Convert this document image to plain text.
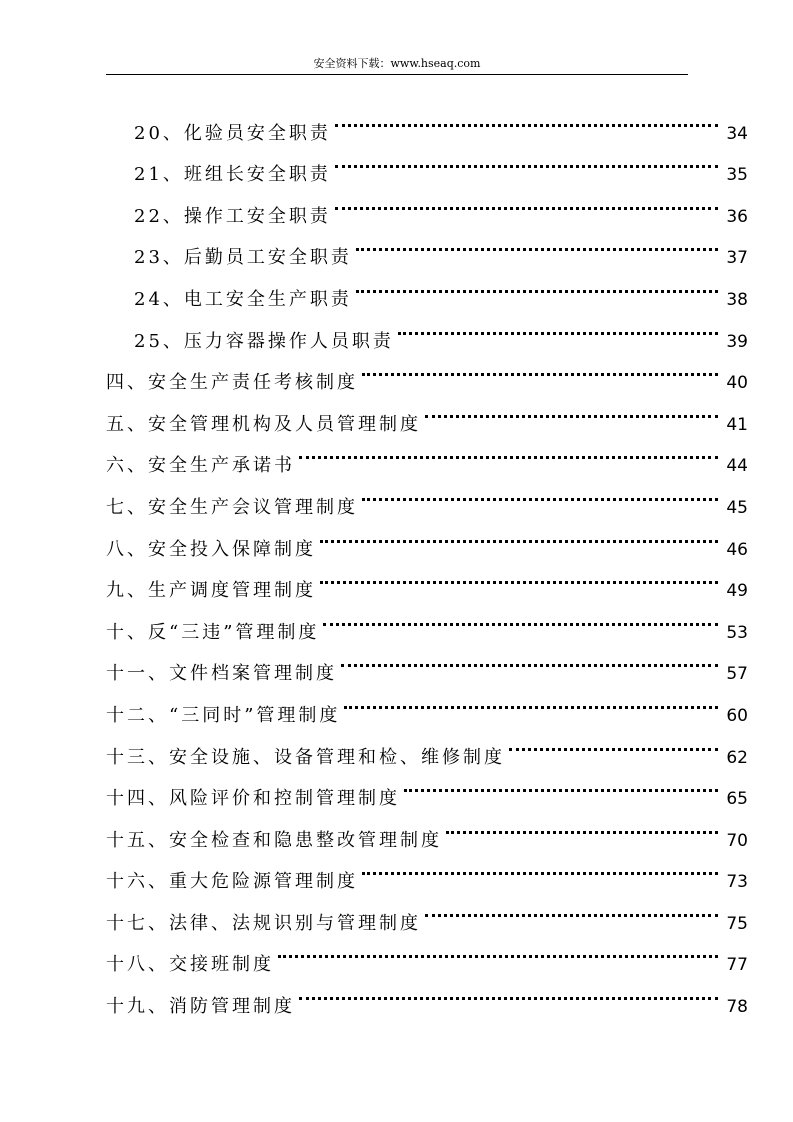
安全资料下载：www.hseaq.com
20、化验员安全职责	34
21、班组长安全职责	35
22、操作工安全职责	36
23、后勤员工安全职责	37
24、电工安全生产职责	38
25、压力容器操作人员职责	39
四、安全生产责任考核制度	40
五、安全管理机构及人员管理制度	41
六、安全生产承诺书	44
七、安全生产会议管理制度	45
八、安全投入保障制度	46
九、生产调度管理制度	49
十、反“三违”管理制度	53
十一、文件档案管理制度	57
十二、“三同时”管理制度	60
十三、安全设施、设备管理和检、维修制度	62
十四、风险评价和控制管理制度	65
十五、安全检查和隐患整改管理制度	70
十六、重大危险源管理制度	73
十七、法律、法规识别与管理制度	75
十八、交接班制度	77
十九、消防管理制度	78
